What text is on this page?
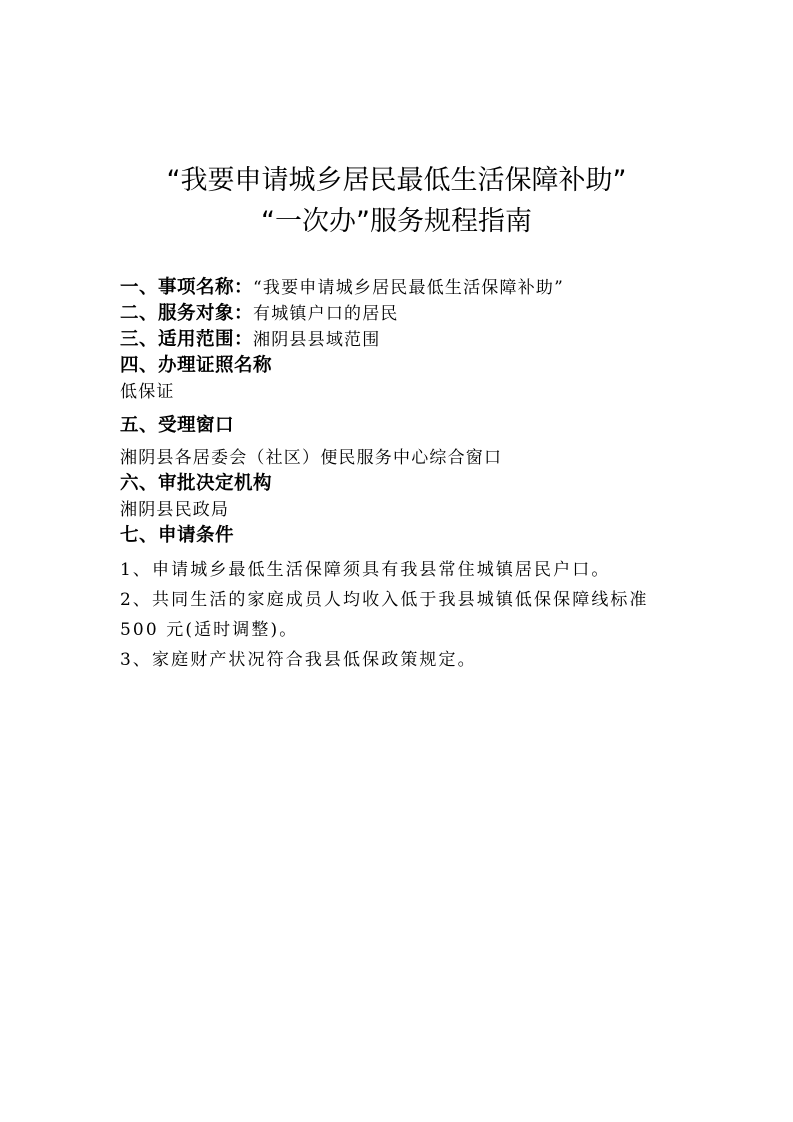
“我要申请城乡居民最低生活保障补助”
“一次办”服务规程指南
一、事项名称：“我要申请城乡居民最低生活保障补助”
二、服务对象：有城镇户口的居民
三、适用范围：湘阴县县域范围
四、办理证照名称
低保证
五、受理窗口
湘阴县各居委会（社区）便民服务中心综合窗口
六、审批决定机构
湘阴县民政局
七、申请条件
1、申请城乡最低生活保障须具有我县常住城镇居民户口。
2、共同生活的家庭成员人均收入低于我县城镇低保保障线标准
500 元(适时调整)。
3、家庭财产状况符合我县低保政策规定。
